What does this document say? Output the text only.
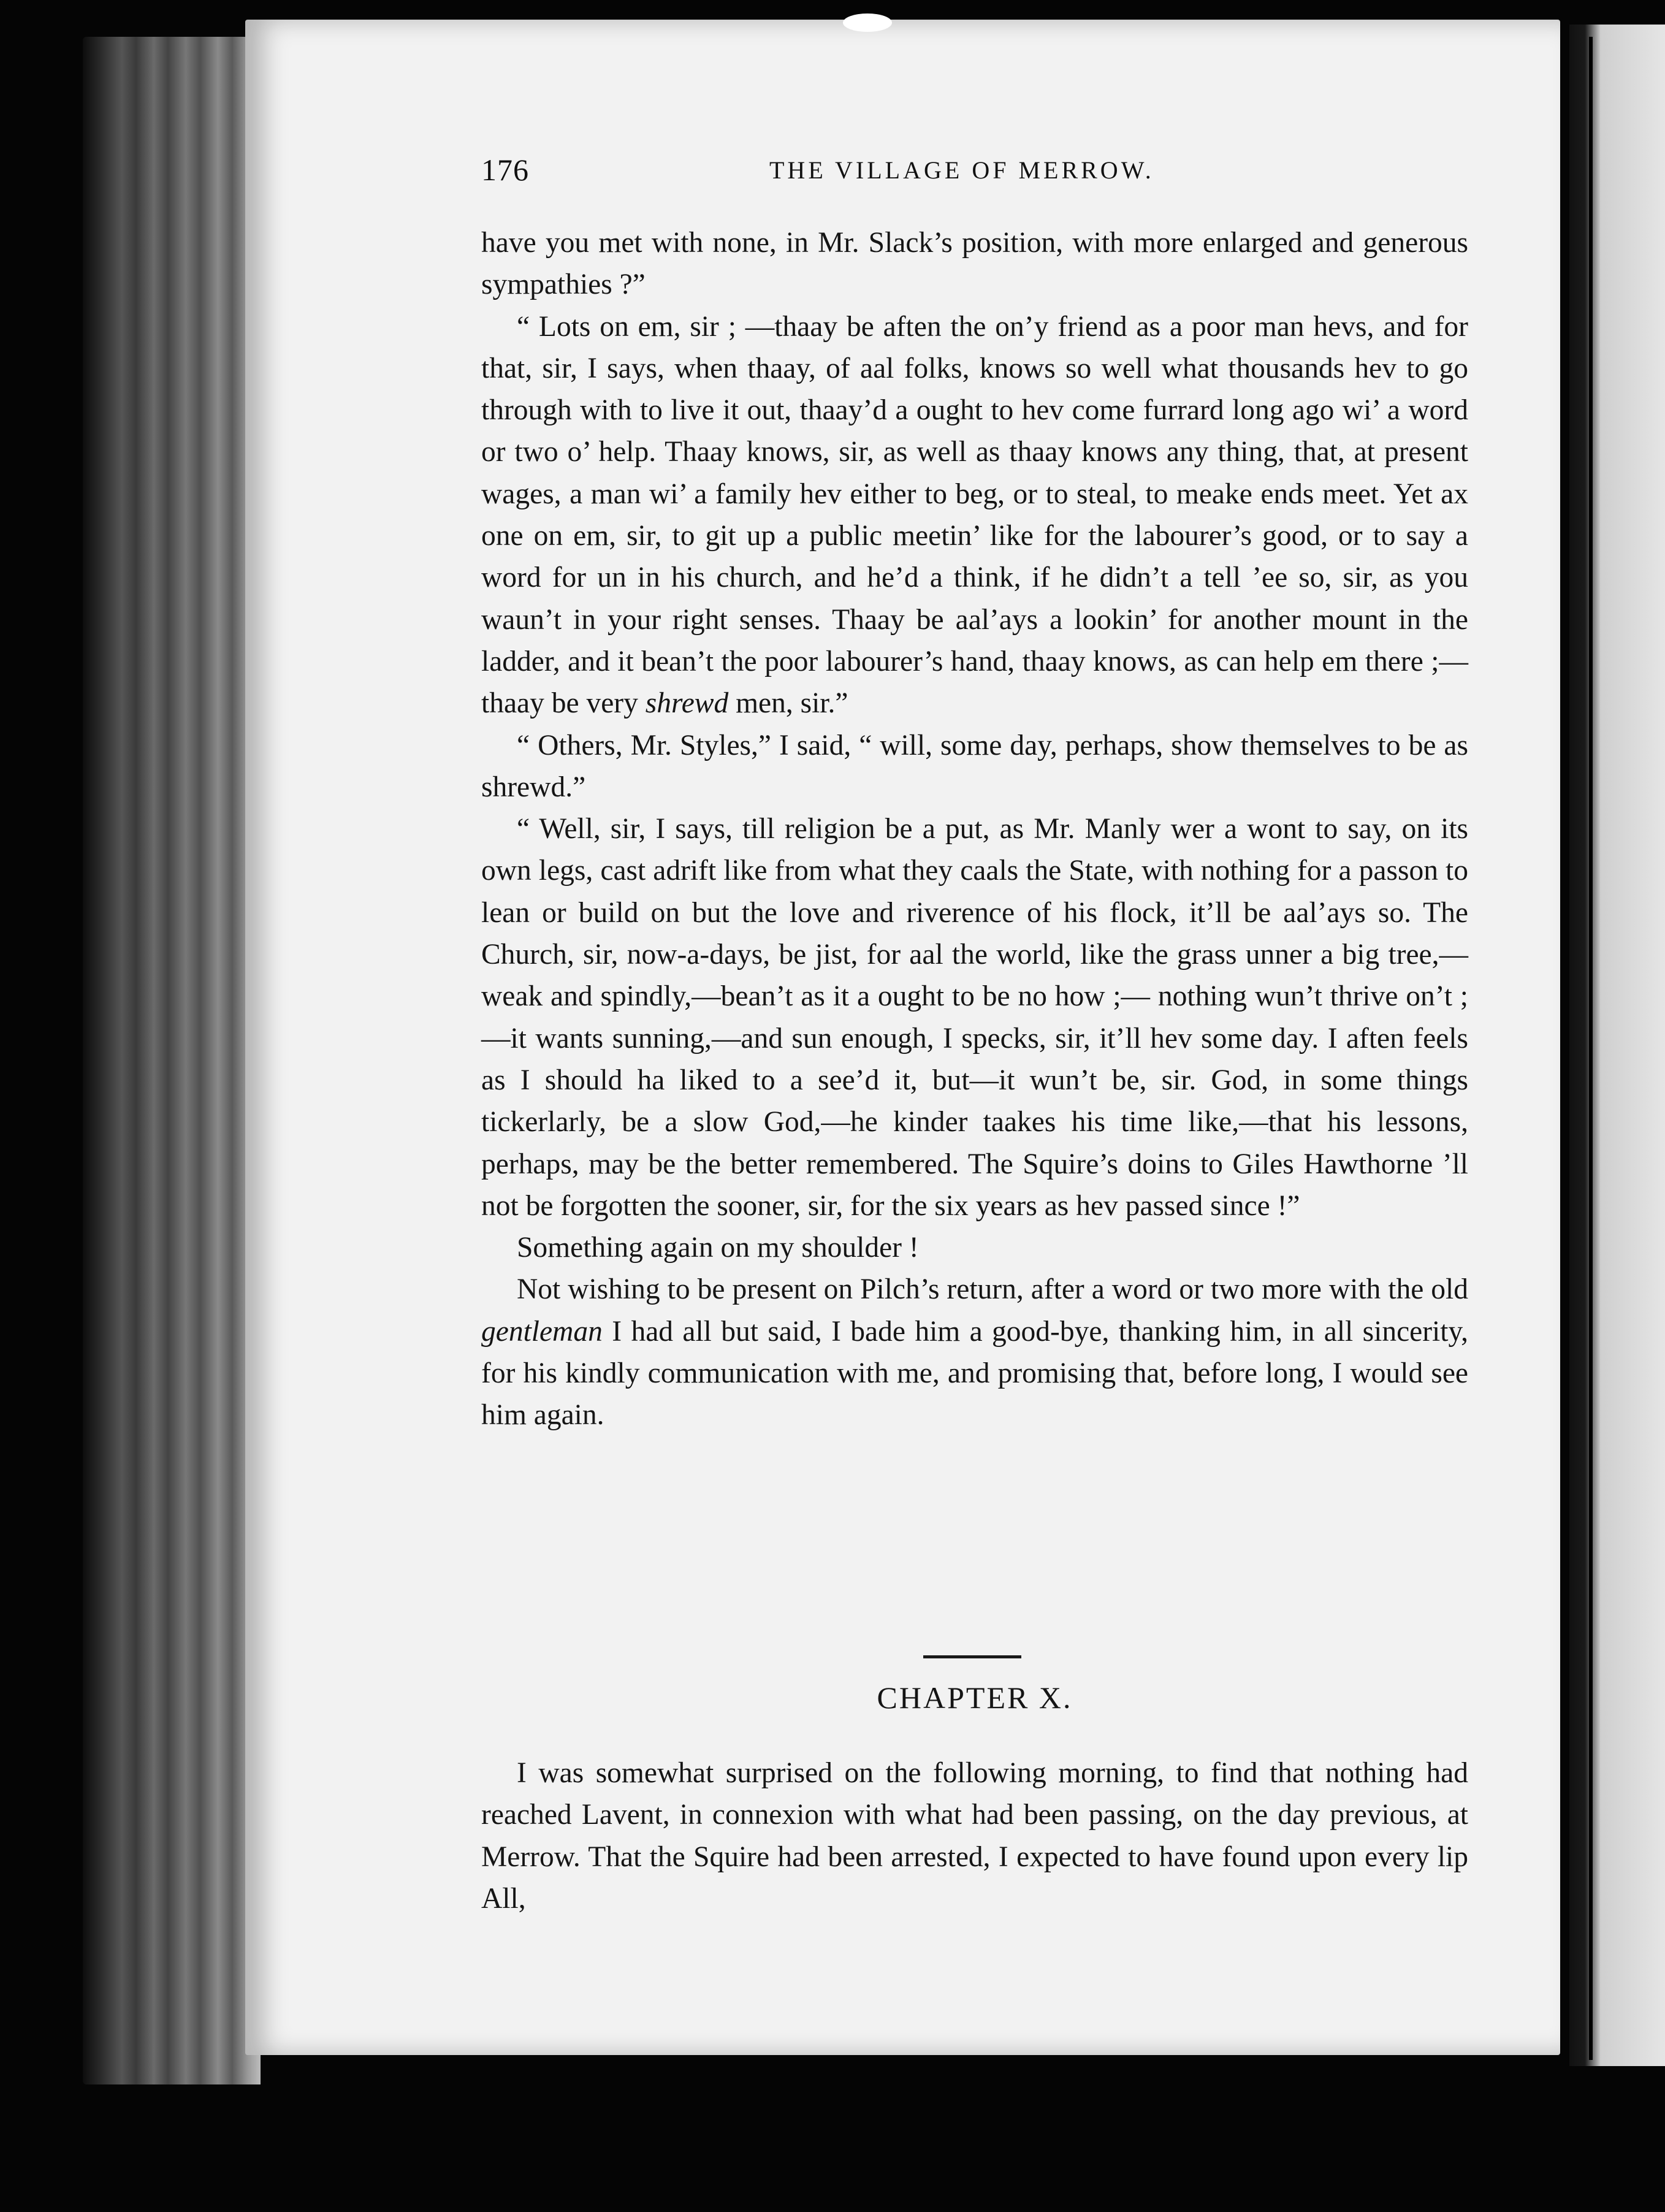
176	THE VILLAGE OF MERROW.

have you met with none, in Mr. Slack’s position, with more enlarged and generous sympathies ?”

“ Lots on em, sir ; —thaay be aften the on’y friend as a poor man hevs, and for that, sir, I says, when thaay, of aal folks, knows so well what thousands hev to go through with to live it out, thaay’d a ought to hev come furrard long ago wi’ a word or two o’ help. Thaay knows, sir, as well as thaay knows any thing, that, at present wages, a man wi’ a family hev either to beg, or to steal, to meake ends meet. Yet ax one on em, sir, to git up a public meetin’ like for the labourer’s good, or to say a word for un in his church, and he’d a think, if he didn’t a tell ’ee so, sir, as you waun’t in your right senses. Thaay be aal’ays a lookin’ for another mount in the ladder, and it bean’t the poor labourer’s hand, thaay knows, as can help em there ;—thaay be very shrewd men, sir.”

“ Others, Mr. Styles,” I said, “ will, some day, perhaps, show themselves to be as shrewd.”

“ Well, sir, I says, till religion be a put, as Mr. Manly wer a wont to say, on its own legs, cast adrift like from what they caals the State, with nothing for a passon to lean or build on but the love and riverence of his flock, it’ll be aal’ays so. The Church, sir, now-a-days, be jist, for aal the world, like the grass unner a big tree,—weak and spindly,—bean’t as it a ought to be no how ;— nothing wun’t thrive on’t ;—it wants sunning,—and sun enough, I specks, sir, it’ll hev some day. I aften feels as I should ha liked to a see’d it, but—it wun’t be, sir. God, in some things tickerlarly, be a slow God,—he kinder taakes his time like,—that his lessons, perhaps, may be the better remembered. The Squire’s doins to Giles Hawthorne ’ll not be forgotten the sooner, sir, for the six years as hev passed since !”

Something again on my shoulder !

Not wishing to be present on Pilch’s return, after a word or two more with the old gentleman I had all but said, I bade him a good-bye, thanking him, in all sincerity, for his kindly communication with me, and promising that, before long, I would see him again.

CHAPTER X.

I was somewhat surprised on the following morning, to find that nothing had reached Lavent, in connexion with what had been passing, on the day previous, at Merrow. That the Squire had been arrested, I expected to have found upon every lip All,
